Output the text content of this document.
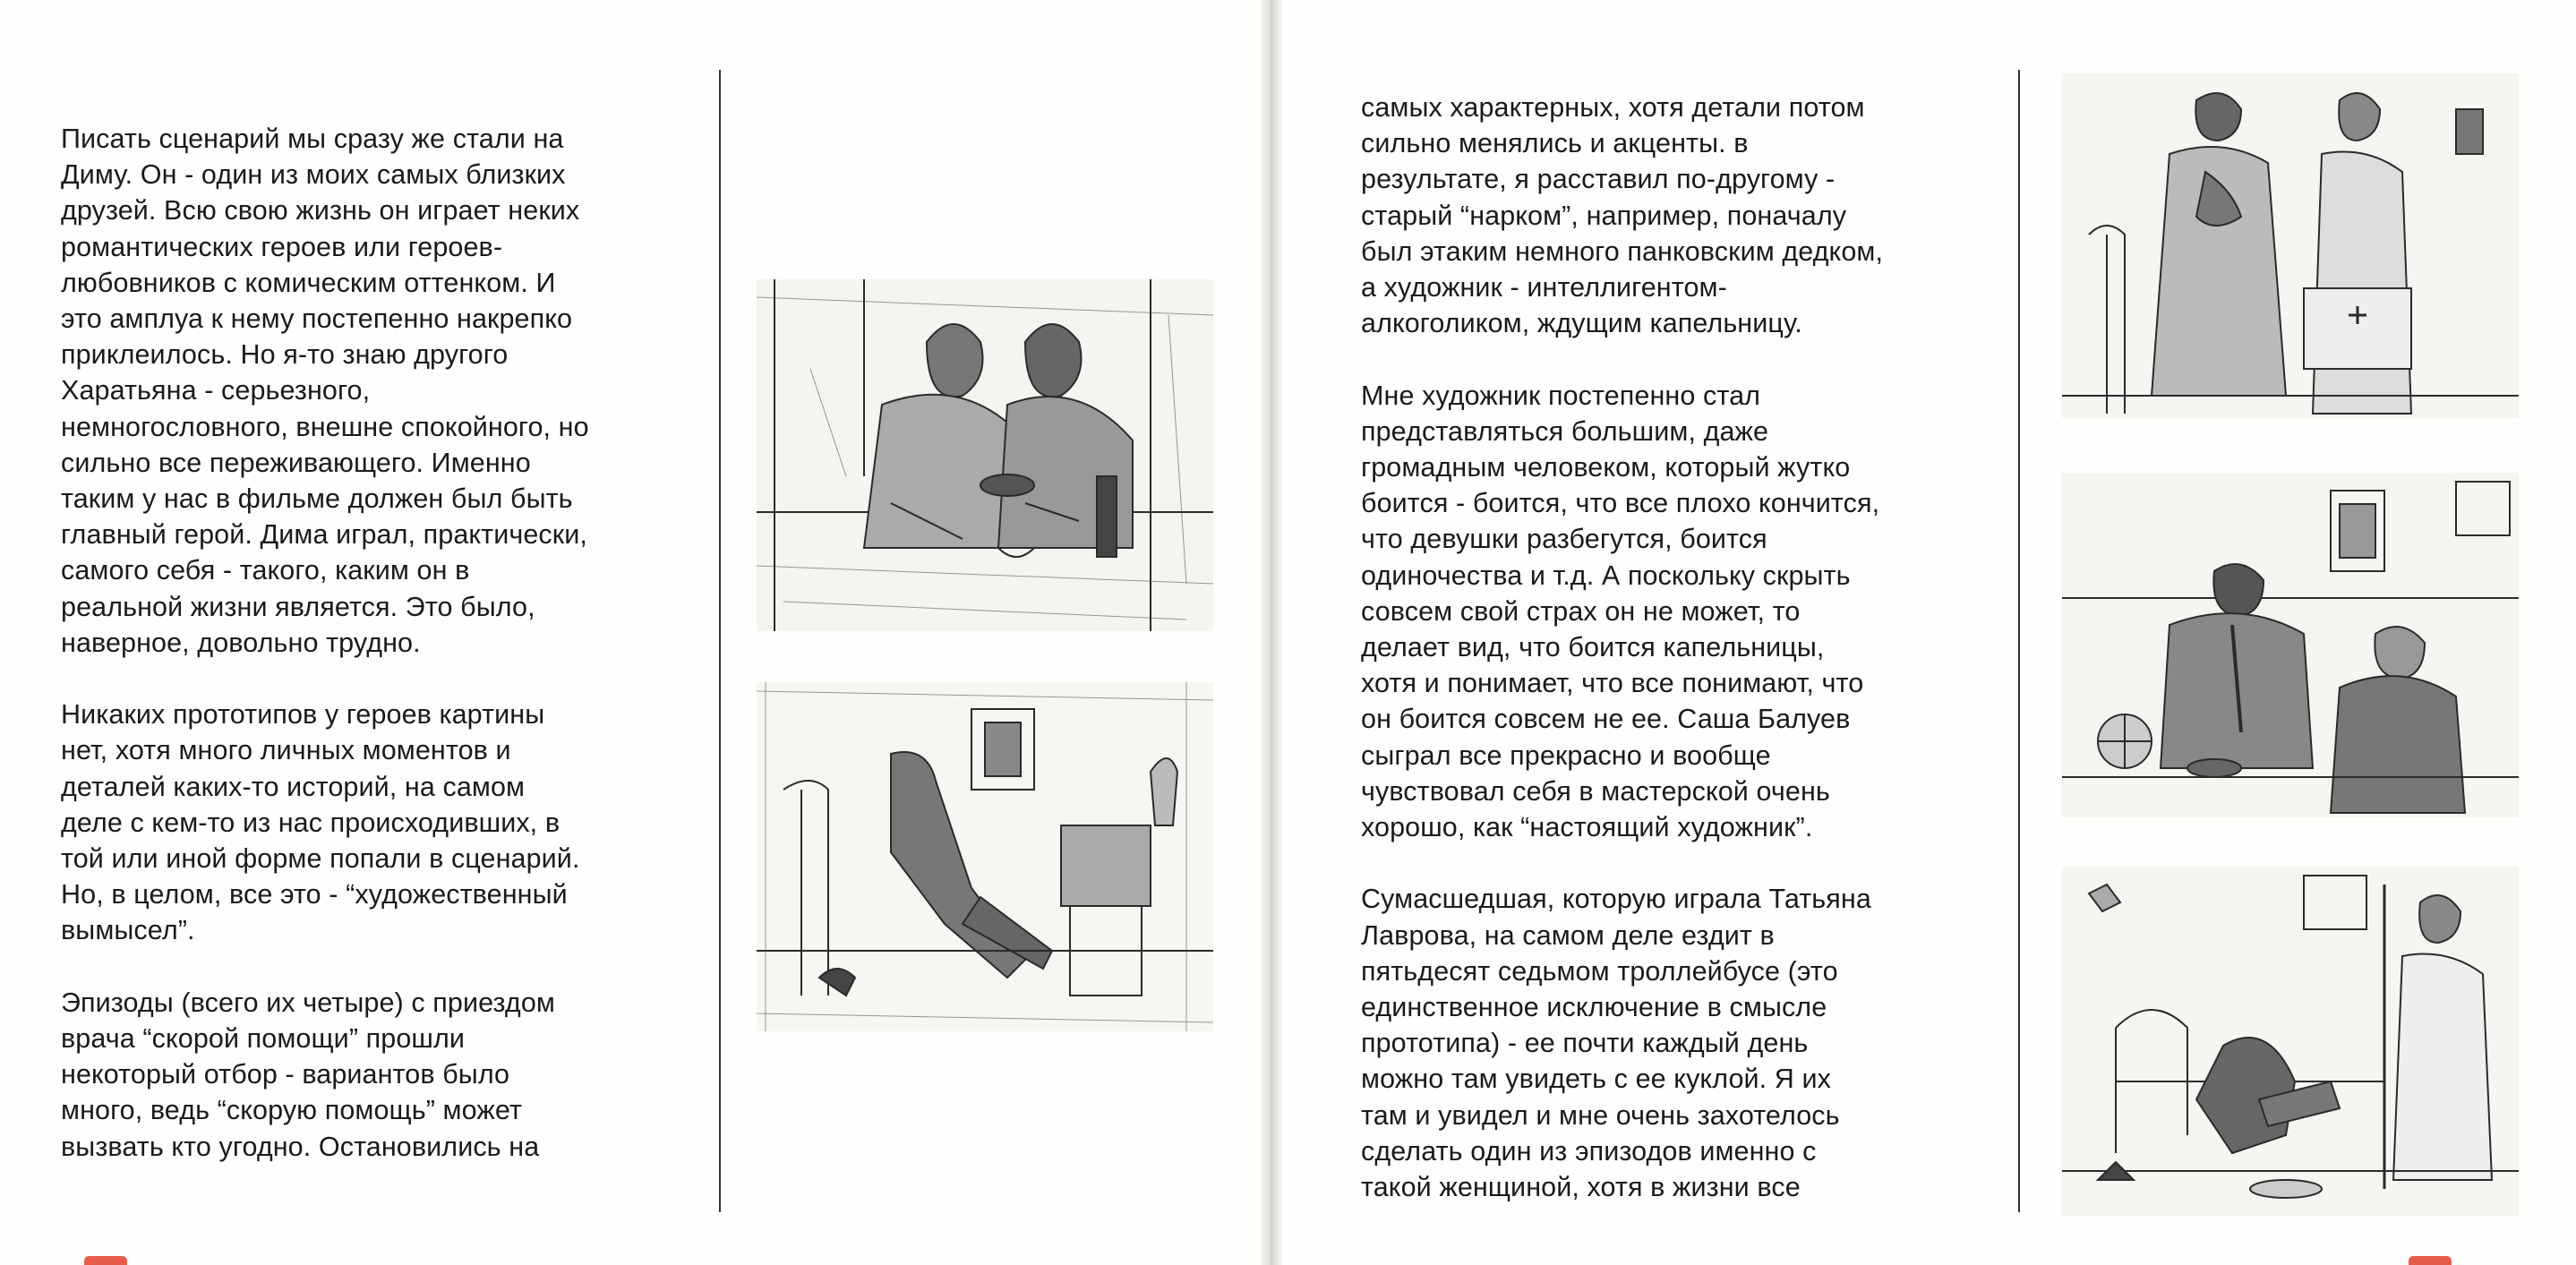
Писать сценарий мы сразу же стали на
Диму. Он - один из моих самых близких
друзей. Всю свою жизнь он играет неких
романтических героев или героев-
любовников с комическим оттенком. И
это амплуа к нему постепенно накрепко
приклеилось. Но я-то знаю другого
Харатьяна - серьезного,
немногословного, внешне спокойного, но
сильно все переживающего. Именно
таким у нас в фильме должен был быть
главный герой. Дима играл, практически,
самого себя - такого, каким он в
реальной жизни является. Это было,
наверное, довольно трудно.

Никаких прототипов у героев картины
нет, хотя много личных моментов и
деталей каких-то историй, на самом
деле с кем-то из нас происходивших, в
той или иной форме попали в сценарий.
Но, в целом, все это - “художественный
вымысел”.

Эпизоды (всего их четыре) с приездом
врача “скорой помощи” прошли
некоторый отбор - вариантов было
много, ведь “скорую помощь” может
вызвать кто угодно. Остановились на

самых характерных, хотя детали потом
сильно менялись и акценты. в
результате, я расставил по-другому -
старый “нарком”, например, поначалу
был этаким немного панковским дедком,
а художник - интеллигентом-
алкоголиком, ждущим капельницу.

Мне художник постепенно стал
представляться большим, даже
громадным человеком, который жутко
боится - боится, что все плохо кончится,
что девушки разбегутся, боится
одиночества и т.д. А поскольку скрыть
совсем свой страх он не может, то
делает вид, что боится капельницы,
хотя и понимает, что все понимают, что
он боится совсем не ее. Саша Балуев
сыграл все прекрасно и вообще
чувствовал себя в мастерской очень
хорошо, как “настоящий художник”.

Сумасшедшая, которую играла Татьяна
Лаврова, на самом деле ездит в
пятьдесят седьмом троллейбусе (это
единственное исключение в смысле
прототипа) - ее почти каждый день
можно там увидеть с ее куклой. Я их
там и увидел и мне очень захотелось
сделать один из эпизодов именно с
такой женщиной, хотя в жизни все
